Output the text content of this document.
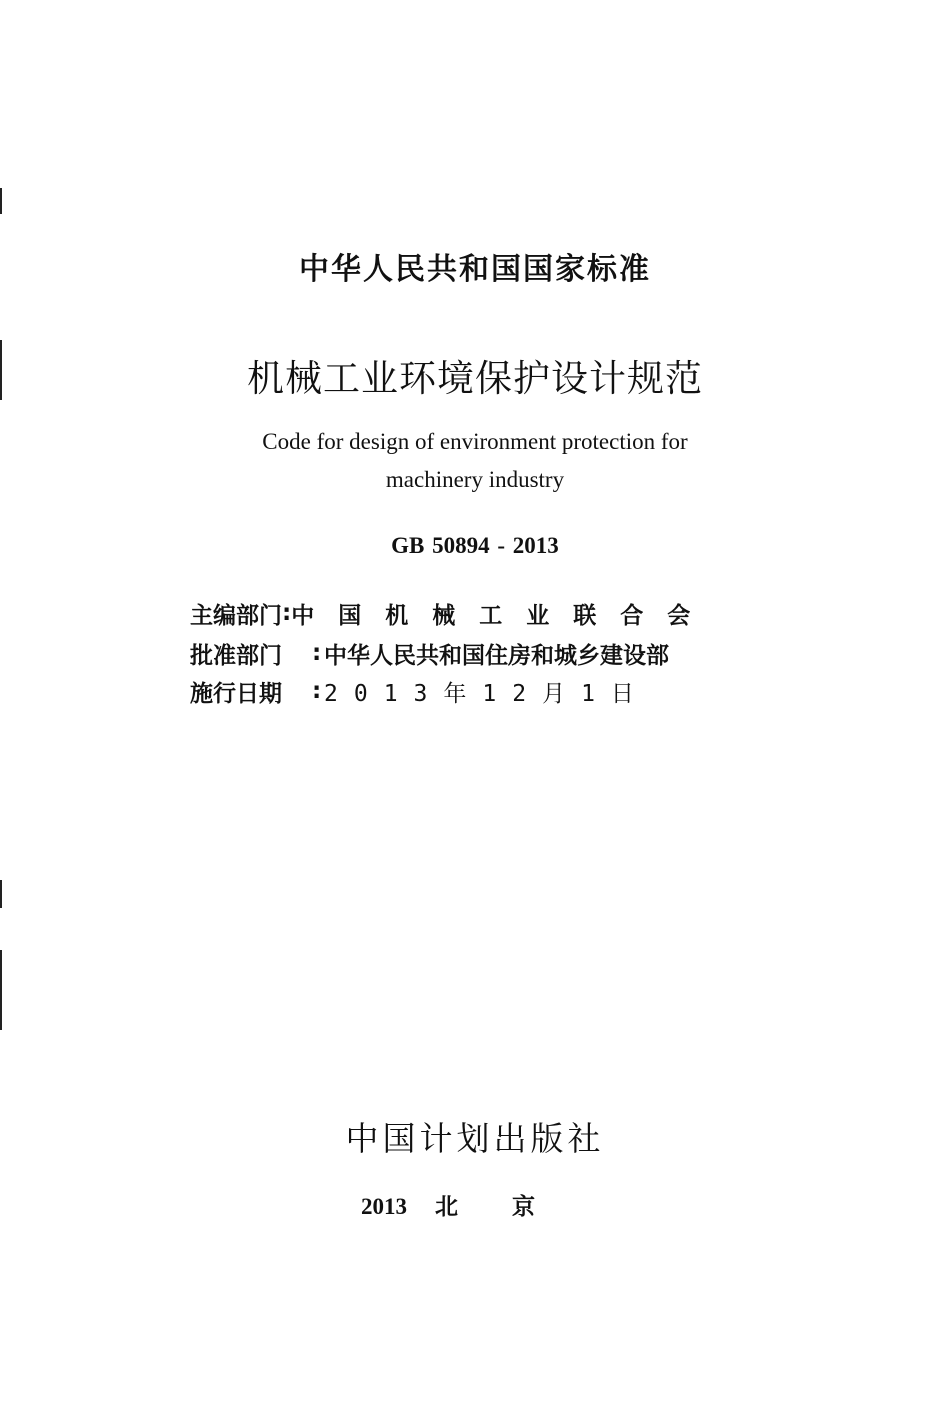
中华人民共和国国家标准
机械工业环境保护设计规范
Code for design of environment protection for
machinery industry
GB 50894 - 2013
主编部门 : 中国机械工业联合会
批准部门	: 中华人民共和国住房和城乡建设部
施行日期	: 2013年12月1日
中国计划出版社
2013 北京
